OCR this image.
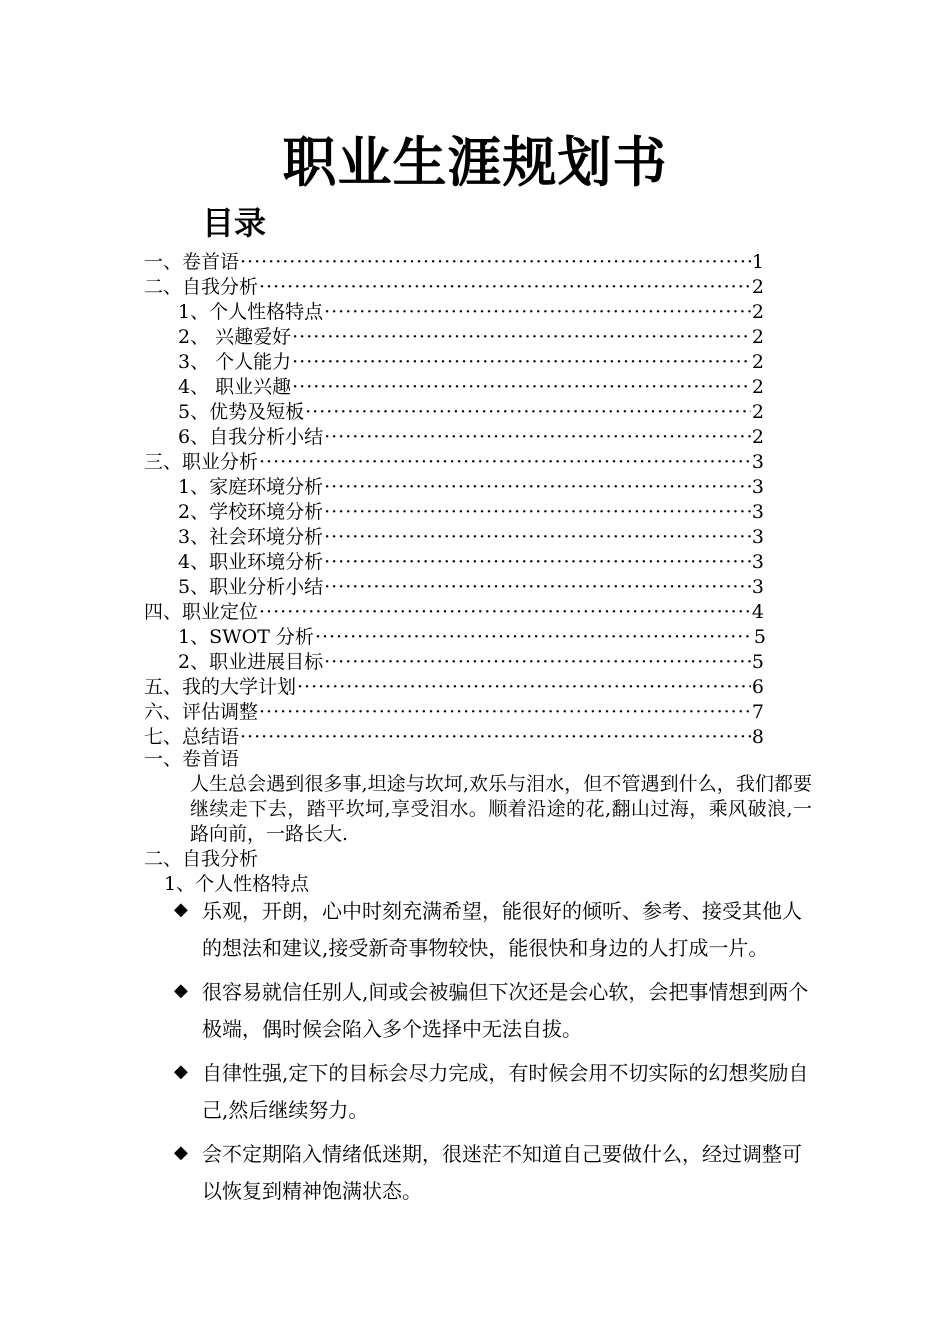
职业生涯规划书
目录
一、卷首语 ·····	1
二、自我分析 ·····	2
1、个人性格特点 ·····	2
2、 兴趣爱好 ·····	2
3、 个人能力 ·····	2
4、 职业兴趣 ·····	2
5、优势及短板 ·····	2
6、自我分析小结 ·····	2
三、职业分析 ·····	3
1、家庭环境分析 ·····	3
2、学校环境分析 ·····	3
3、社会环境分析 ·····	3
4、职业环境分析 ·····	3
5、职业分析小结 ·····	3
四、职业定位 ·····	4
1、SWOT 分析 ·····	5
2、职业进展目标 ·····	5
五、我的大学计划 ·····	6
六、评估调整 ·····	7
七、总结语 ·····	8
一、卷首语
人生总会遇到很多事,坦途与坎坷,欢乐与泪水，但不管遇到什么，我们都要继续走下去，踏平坎坷,享受泪水。顺着沿途的花,翻山过海，乘风破浪,一路向前，一路长大.
二、自我分析
1、个人性格特点
◆ 乐观，开朗，心中时刻充满希望，能很好的倾听、参考、接受其他人的想法和建议,接受新奇事物较快，能很快和身边的人打成一片。
◆ 很容易就信任别人,间或会被骗但下次还是会心软，会把事情想到两个极端，偶时候会陷入多个选择中无法自拔。
◆ 自律性强,定下的目标会尽力完成，有时候会用不切实际的幻想奖励自己,然后继续努力。
◆ 会不定期陷入情绪低迷期，很迷茫不知道自己要做什么，经过调整可以恢复到精神饱满状态。
